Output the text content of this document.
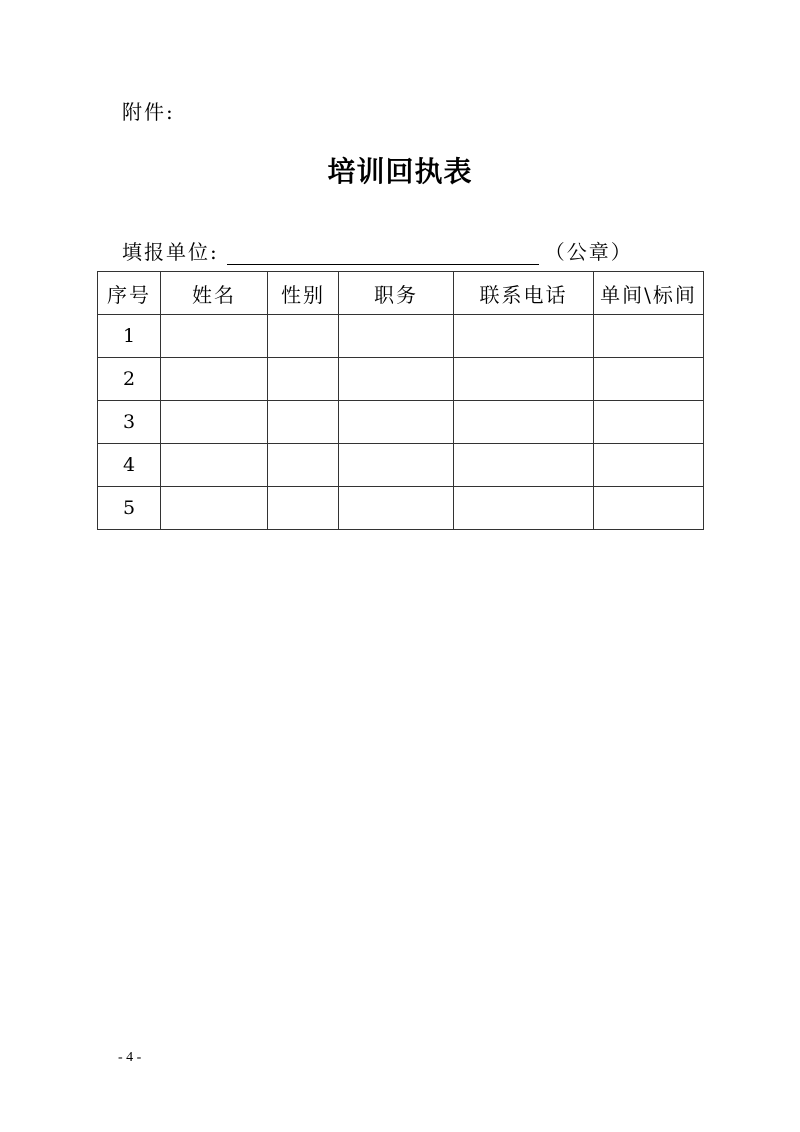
附件:
培训回执表
填报单位:	（公章）
序号	姓名	性别	职务	联系电话	单间\标间
1					
2					
3					
4					
5					
- 4 -
